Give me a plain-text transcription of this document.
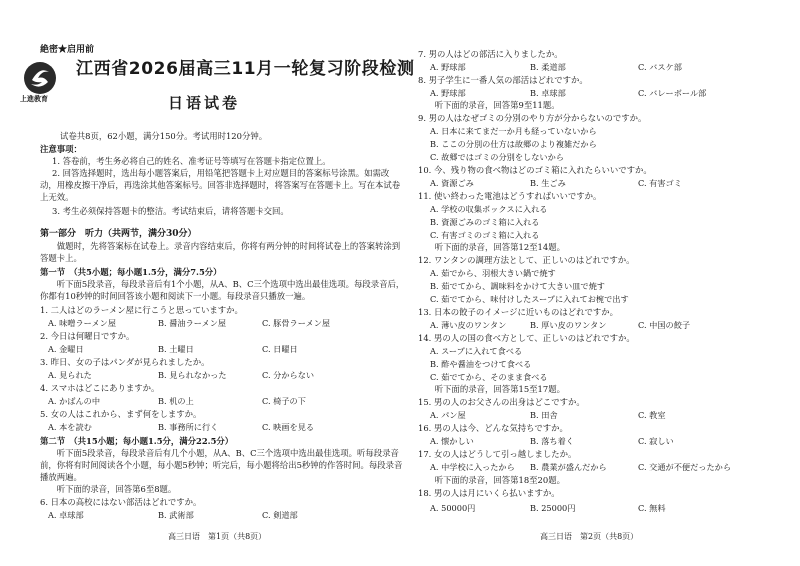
絶密★启用前
上進教育
江西省2026届高三11月一轮复习阶段检测
日语试卷
试卷共8页，62小题，满分150分。考试用时120分钟。
注意事项：
1. 答卷前，考生务必将自己的姓名、准考证号等填写在答题卡指定位置上。
2. 回答选择题时，选出每小题答案后，用铅笔把答题卡上对应题目的答案标号涂黑。如需改
动，用橡皮擦干净后，再选涂其他答案标号。回答非选择题时，将答案写在答题卡上。写在本试卷
上无效。
3. 考生必须保持答题卡的整洁。考试结束后，请将答题卡交回。
第一部分　听力（共两节，满分30分）
　　做题时，先将答案标在试卷上。录音内容结束后，你将有两分钟的时间将试卷上的答案转涂到
答题卡上。
第一节　（共5小题；每小题1.5分，满分7.5分）
　　听下面5段录音，每段录音后有1个小题，从A、B、C三个选项中选出最佳选项。每段录音后，
你都有10秒钟的时间回答该小题和阅读下一小题。每段录音只播放一遍。
1. 二人はどのラーメン屋に行こうと思っていますか。
A. 味噌ラーメン屋	B. 醤油ラーメン屋	C. 豚骨ラーメン屋
2. 今日は何曜日ですか。
A. 金曜日	B. 土曜日	C. 日曜日
3. 昨日、女の子はパンダが見られましたか。
A. 見られた	B. 見られなかった	C. 分からない
4. スマホはどこにありますか。
A. かばんの中	B. 机の上	C. 椅子の下
5. 女の人はこれから、まず何をしますか。
A. 本を読む	B. 事務所に行く	C. 映画を見る
第二节　（共15小题；每小题1.5分，满分22.5分）
　　听下面5段录音，每段录音后有几个小题，从A、B、C三个选项中选出最佳选项。听每段录音
前，你将有时间阅读各个小题，每小题5秒钟；听完后，每小题将给出5秒钟的作答时间。每段录音
播放两遍。
　　听下面的录音，回答第6至8题。
6. 日本の高校にはない部活はどれですか。
A. 卓球部	B. 武術部	C. 剣道部
高三日语　第1页（共8页）
7. 男の人はどの部活に入りましたか。
A. 野球部	B. 柔道部	C. バスケ部
8. 男子学生に一番人気の部活はどれですか。
A. 野球部	B. 卓球部	C. バレーボール部
　　听下面的录音，回答第9至11题。
9. 男の人はなぜゴミの分別のやり方が分からないのですか。
A. 日本に来てまだ一か月も経っていないから
B. ここの分別の仕方は故郷のより複雑だから
C. 故郷ではゴミの分別をしないから
10. 今、残り物の食べ物はどのゴミ箱に入れたらいいですか。
A. 資源ごみ	B. 生ごみ	C. 有害ゴミ
11. 使い終わった電池はどうすればいいですか。
A. 学校の収集ボックスに入れる
B. 資源ごみのゴミ箱に入れる
C. 有害ゴミのゴミ箱に入れる
　　听下面的录音，回答第12至14题。
12. ワンタンの調理方法として、正しいのはどれですか。
A. 茹でから、羽根大きい鍋で焼す
B. 茹でてから、調味料をかけて大きい皿で焼す
C. 茹でてから、味付けしたスープに入れてお椀で出す
13. 日本の餃子のイメージに近いものはどれですか。
A. 薄い皮のワンタン	B. 厚い皮のワンタン	C. 中国の餃子
14. 男の人の国の食べ方として、正しいのはどれですか。
A. スープに入れて食べる
B. 酢や醤油をつけて食べる
C. 茹でてから、そのまま食べる
　　听下面的录音，回答第15至17题。
15. 男の人のお父さんの出身はどこですか。
A. パン屋	B. 田舎	C. 教室
16. 男の人は今、どんな気持ちですか。
A. 懐かしい	B. 落ち着く	C. 寂しい
17. 女の人はどうして引っ越しましたか。
A. 中学校に入ったから B. 農業が盛んだから	C. 交通が不便だったから
　　听下面的录音，回答第18至20题。
18. 男の人は月にいくら払いますか。
A. 50000円	B. 25000円	C. 無料
高三日语　第2页（共8页）
